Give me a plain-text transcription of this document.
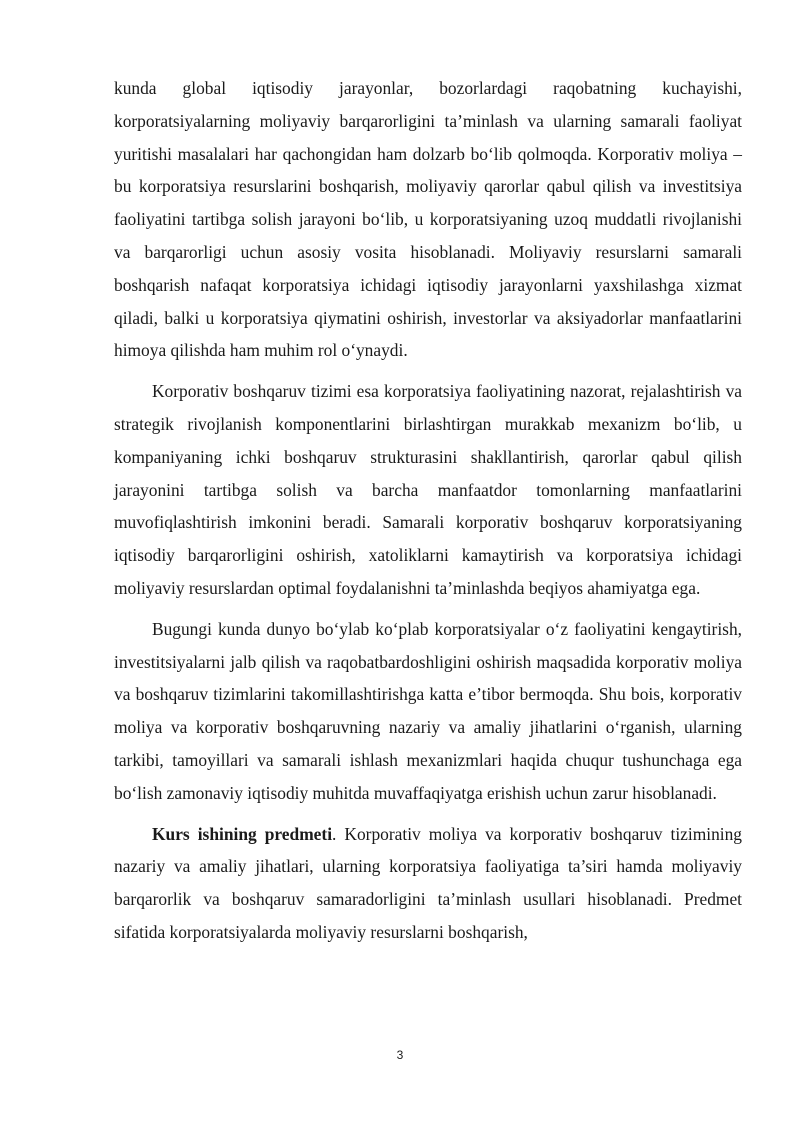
kunda global iqtisodiy jarayonlar, bozorlardagi raqobatning kuchayishi, korporatsiyalarning moliyaviy barqarorligini ta’minlash va ularning samarali faoliyat yuritishi masalalari har qachongidan ham dolzarb bo‘lib qolmoqda. Korporativ moliya – bu korporatsiya resurslarini boshqarish, moliyaviy qarorlar qabul qilish va investitsiya faoliyatini tartibga solish jarayoni bo‘lib, u korporatsiyaning uzoq muddatli rivojlanishi va barqarorligi uchun asosiy vosita hisoblanadi. Moliyaviy resurslarni samarali boshqarish nafaqat korporatsiya ichidagi iqtisodiy jarayonlarni yaxshilashga xizmat qiladi, balki u korporatsiya qiymatini oshirish, investorlar va aksiyadorlar manfaatlarini himoya qilishda ham muhim rol o‘ynaydi.

Korporativ boshqaruv tizimi esa korporatsiya faoliyatining nazorat, rejalashtirish va strategik rivojlanish komponentlarini birlashtirgan murakkab mexanizm bo‘lib, u kompaniyaning ichki boshqaruv strukturasini shakllantirish, qarorlar qabul qilish jarayonini tartibga solish va barcha manfaatdor tomonlarning manfaatlarini muvofiqlashtirish imkonini beradi. Samarali korporativ boshqaruv korporatsiyaning iqtisodiy barqarorligini oshirish, xatoliklarni kamaytirish va korporatsiya ichidagi moliyaviy resurslardan optimal foydalanishni ta’minlashda beqiyos ahamiyatga ega.

Bugungi kunda dunyo bo‘ylab ko‘plab korporatsiyalar o‘z faoliyatini kengaytirish, investitsiyalarni jalb qilish va raqobatbardoshligini oshirish maqsadida korporativ moliya va boshqaruv tizimlarini takomillashtirishga katta e’tibor bermoqda. Shu bois, korporativ moliya va korporativ boshqaruvning nazariy va amaliy jihatlarini o‘rganish, ularning tarkibi, tamoyillari va samarali ishlash mexanizmlari haqida chuqur tushunchaga ega bo‘lish zamonaviy iqtisodiy muhitda muvaffaqiyatga erishish uchun zarur hisoblanadi.

Kurs ishining predmeti. Korporativ moliya va korporativ boshqaruv tizimining nazariy va amaliy jihatlari, ularning korporatsiya faoliyatiga ta’siri hamda moliyaviy barqarorlik va boshqaruv samaradorligini ta’minlash usullari hisoblanadi. Predmet sifatida korporatsiyalarda moliyaviy resurslarni boshqarish,

3
